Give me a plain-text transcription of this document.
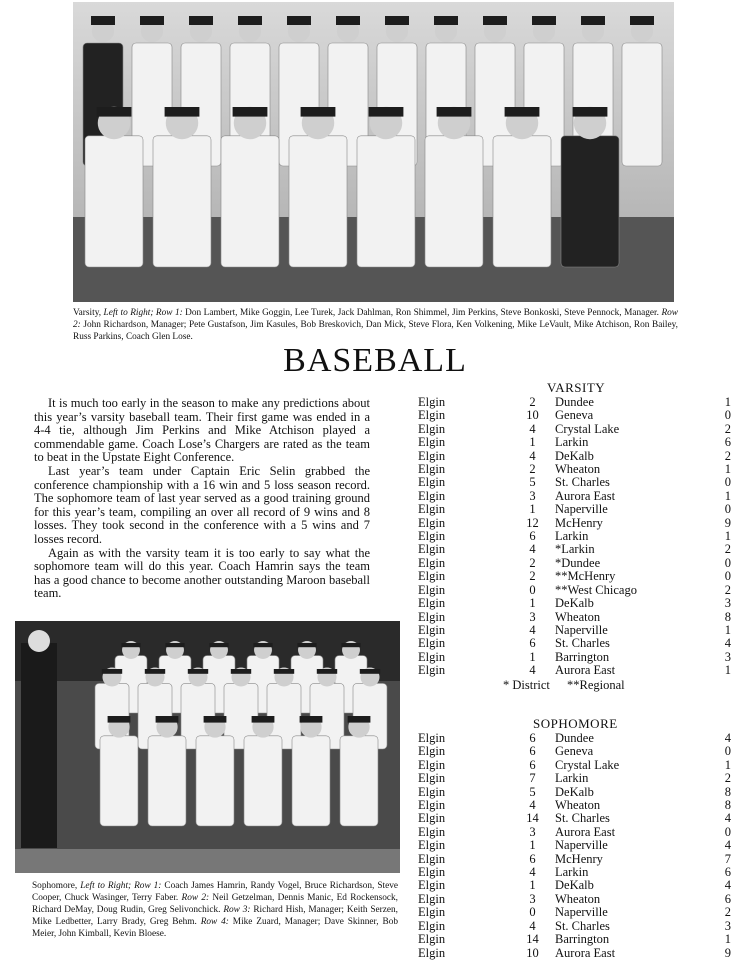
Varsity, Left to Right; Row 1: Don Lambert, Mike Goggin, Lee Turek, Jack Dahlman, Ron Shimmel, Jim Perkins, Steve Bonkoski, Steve Pennock, Manager. Row 2: John Richardson, Manager; Pete Gustafson, Jim Kasules, Bob Breskovich, Dan Mick, Steve Flora, Ken Volkening, Mike LeVault, Mike Atchison, Ron Bailey, Russ Parkins, Coach Glen Lose.
BASEBALL

It is much too early in the season to make any predictions about this year’s varsity baseball team. Their first game was ended in a 4-4 tie, although Jim Perkins and Mike Atchison played a commendable game. Coach Lose’s Chargers are rated as the team to beat in the Upstate Eight Conference.

Last year’s team under Captain Eric Selin grabbed the conference championship with a 16 win and 5 loss season record. The sophomore team of last year served as a good training ground for this year’s team, compiling an over all record of 9 wins and 8 losses. They took second in the conference with a 5 wins and 7 losses record.

Again as with the varsity team it is too early to say what the sophomore team will do this year. Coach Hamrin says the team has a good chance to become another outstanding Maroon baseball team.

VARSITY
Elgin	2	Dundee	1
Elgin	10	Geneva	0
Elgin	4	Crystal Lake	2
Elgin	1	Larkin	6
Elgin	4	DeKalb	2
Elgin	2	Wheaton	1
Elgin	5	St. Charles	0
Elgin	3	Aurora East	1
Elgin	1	Naperville	0
Elgin	12	McHenry	9
Elgin	6	Larkin	1
Elgin	4	*Larkin	2
Elgin	2	*Dundee	0
Elgin	2	**McHenry	0
Elgin	0	**West Chicago	2
Elgin	1	DeKalb	3
Elgin	3	Wheaton	8
Elgin	4	Naperville	1
Elgin	6	St. Charles	4
Elgin	1	Barrington	3
Elgin	4	Aurora East	1
* District **Regional
SOPHOMORE
Elgin	6	Dundee	4
Elgin	6	Geneva	0
Elgin	6	Crystal Lake	1
Elgin	7	Larkin	2
Elgin	5	DeKalb	8
Elgin	4	Wheaton	8
Elgin	14	St. Charles	4
Elgin	3	Aurora East	0
Elgin	1	Naperville	4
Elgin	6	McHenry	7
Elgin	4	Larkin	6
Elgin	1	DeKalb	4
Elgin	3	Wheaton	6
Elgin	0	Naperville	2
Elgin	4	St. Charles	3
Elgin	14	Barrington	1
Elgin	10	Aurora East	9
Sophomore, Left to Right; Row 1: Coach James Hamrin, Randy Vogel, Bruce Richardson, Steve Cooper, Chuck Wasinger, Terry Faber. Row 2: Neil Getzelman, Dennis Manic, Ed Rockensock, Richard DeMay, Doug Rudin, Greg Selivonchick. Row 3: Richard Hish, Manager; Keith Serzen, Mike Ledbetter, Larry Brady, Greg Behm. Row 4: Mike Zuard, Manager; Dave Skinner, Bob Meier, John Kimball, Kevin Bloese.
